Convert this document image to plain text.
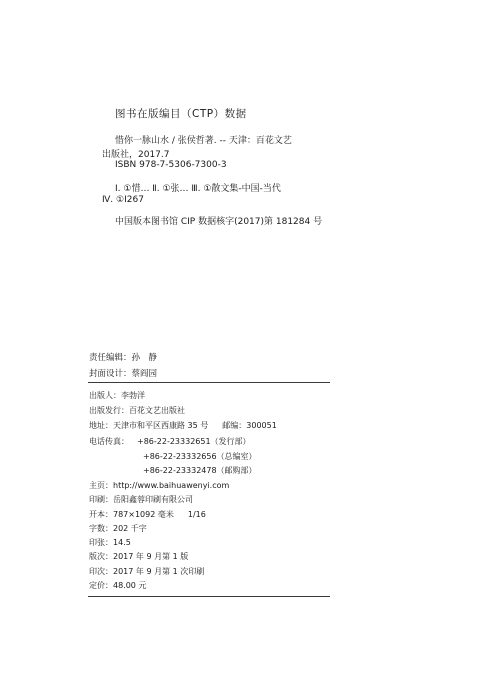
图书在版编目（CTP）数据
惜你一脉山水 / 张侯哲著. -- 天津：百花文艺
出版社，2017.7
ISBN 978-7-5306-7300-3
Ⅰ. ①惜… Ⅱ. ①张… Ⅲ. ①散文集-中国-当代
Ⅳ. ①I267
中国版本图书馆 CIP 数据核字(2017)第 181284 号
责任编辑：孙　静
封面设计：蔡阎园
出版人：李勃洋
出版发行：百花文艺出版社
地址：天津市和平区西康路 35 号 邮编：300051
电话传真： +86-22-23332651（发行部）
+86-22-23332656（总编室）
+86-22-23332478（邮购部）
主页：http://www.baihuawenyi.com
印刷：岳阳鑫蓉印刷有限公司
开本：787×1092 毫米 1/16
字数：202 千字
印张：14.5
版次：2017 年 9 月第 1 版
印次：2017 年 9 月第 1 次印刷
定价：48.00 元
